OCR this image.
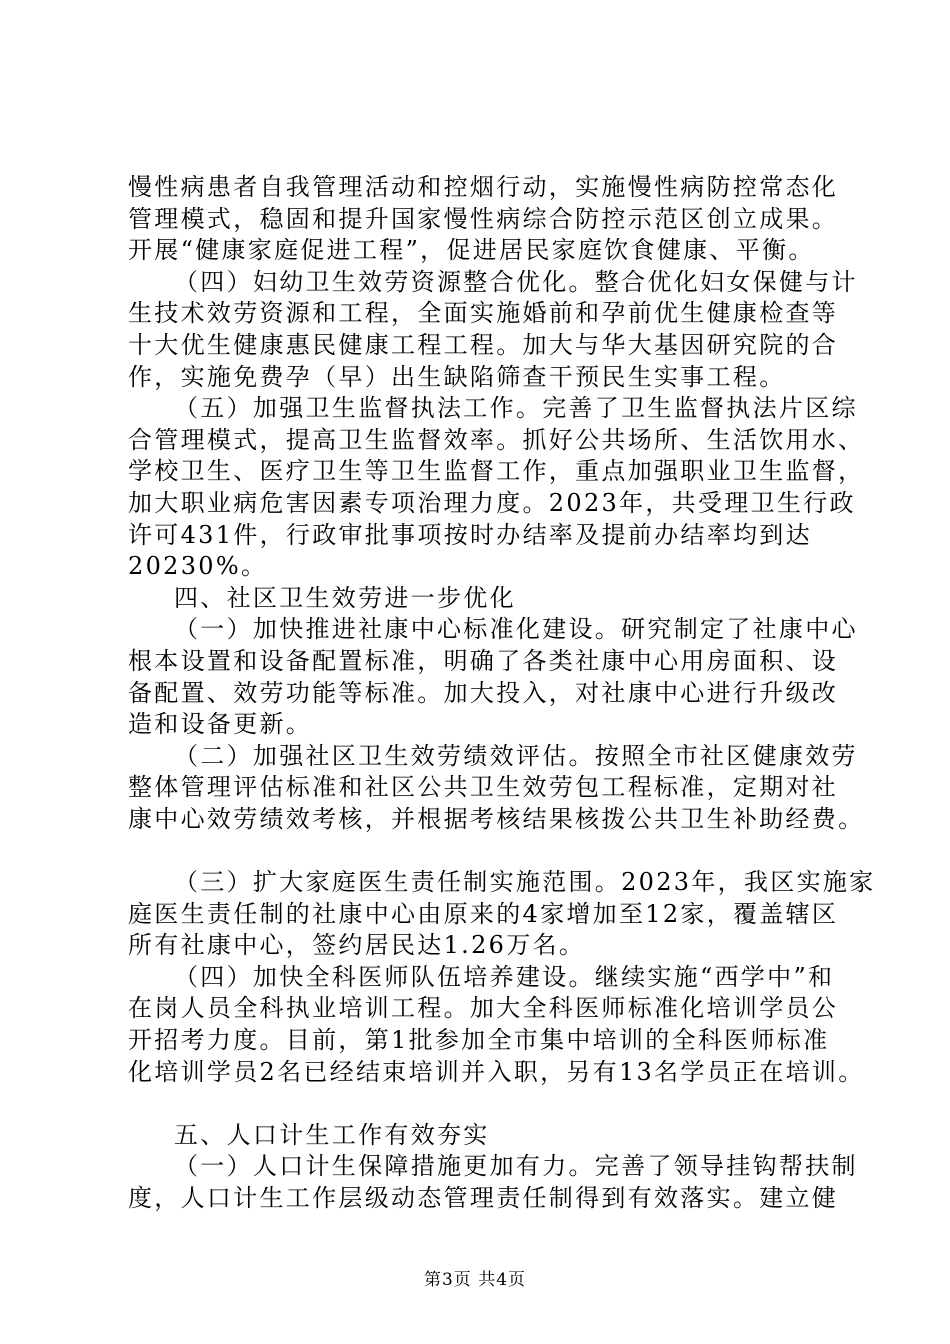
慢性病患者自我管理活动和控烟行动，实施慢性病防控常态化
管理模式，稳固和提升国家慢性病综合防控示范区创立成果。
开展“健康家庭促进工程”，促进居民家庭饮食健康、平衡。
（四）妇幼卫生效劳资源整合优化。整合优化妇女保健与计
生技术效劳资源和工程，全面实施婚前和孕前优生健康检查等
十大优生健康惠民健康工程工程。加大与华大基因研究院的合
作，实施免费孕（早）出生缺陷筛查干预民生实事工程。
（五）加强卫生监督执法工作。完善了卫生监督执法片区综
合管理模式，提高卫生监督效率。抓好公共场所、生活饮用水、
学校卫生、医疗卫生等卫生监督工作，重点加强职业卫生监督，
加大职业病危害因素专项治理力度。2023年，共受理卫生行政
许可431件，行政审批事项按时办结率及提前办结率均到达
20230%。
四、社区卫生效劳进一步优化
（一）加快推进社康中心标准化建设。研究制定了社康中心
根本设置和设备配置标准，明确了各类社康中心用房面积、设
备配置、效劳功能等标准。加大投入，对社康中心进行升级改
造和设备更新。
（二）加强社区卫生效劳绩效评估。按照全市社区健康效劳
整体管理评估标准和社区公共卫生效劳包工程标准，定期对社
康中心效劳绩效考核，并根据考核结果核拨公共卫生补助经费。
（三）扩大家庭医生责任制实施范围。2023年，我区实施家
庭医生责任制的社康中心由原来的4家增加至12家，覆盖辖区
所有社康中心，签约居民达1.26万名。
（四）加快全科医师队伍培养建设。继续实施“西学中”和
在岗人员全科执业培训工程。加大全科医师标准化培训学员公
开招考力度。目前，第1批参加全市集中培训的全科医师标准
化培训学员2名已经结束培训并入职，另有13名学员正在培训。
五、人口计生工作有效夯实
（一）人口计生保障措施更加有力。完善了领导挂钩帮扶制
度，人口计生工作层级动态管理责任制得到有效落实。建立健
第3页 共4页
